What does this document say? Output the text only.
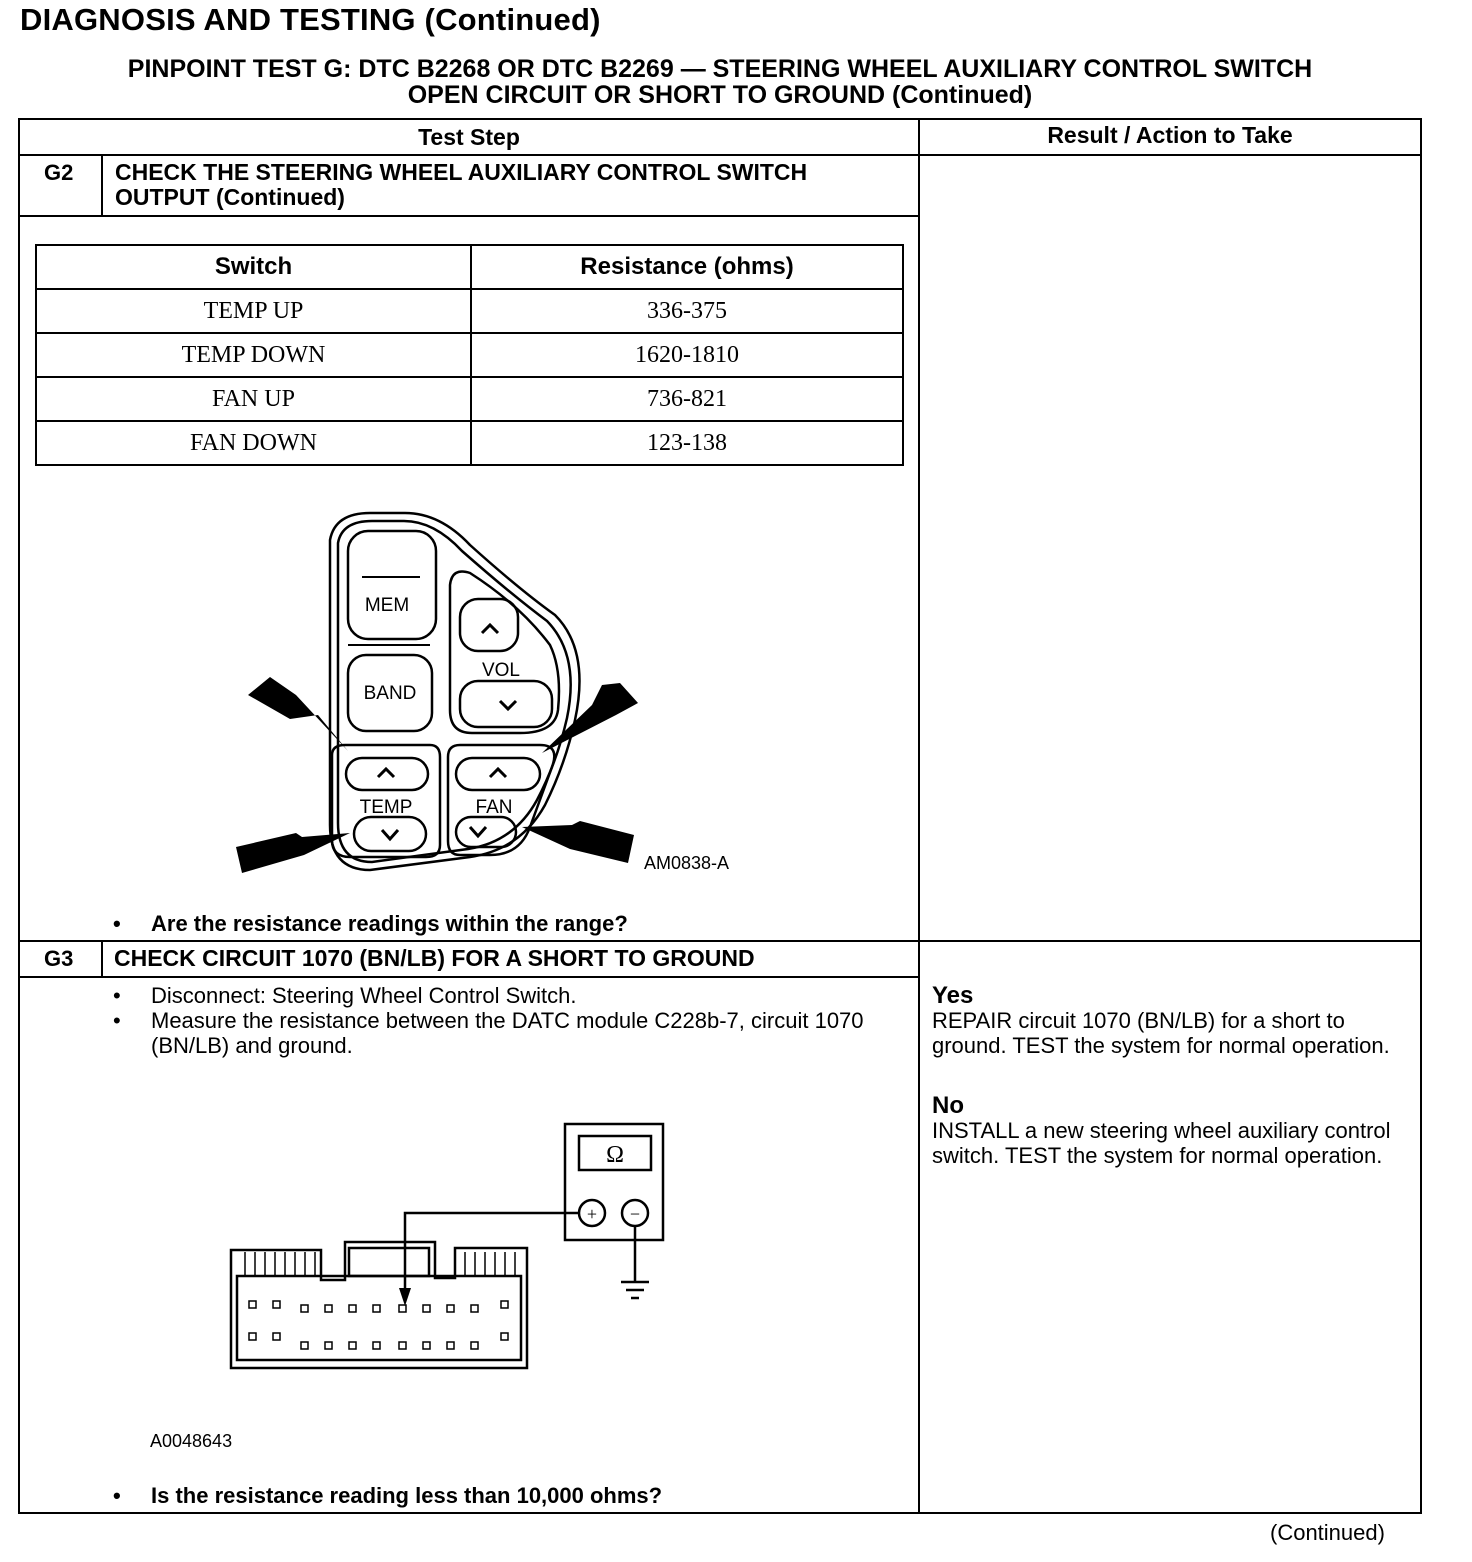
DIAGNOSIS AND TESTING (Continued)
PINPOINT TEST G: DTC B2268 OR DTC B2269 — STEERING WHEEL AUXILIARY CONTROL SWITCH
OPEN CIRCUIT OR SHORT TO GROUND (Continued)
Test Step	Result / Action to Take
G2 CHECK THE STEERING WHEEL AUXILIARY CONTROL SWITCH OUTPUT (Continued)
Switch	Resistance (ohms)
TEMP UP	336-375
TEMP DOWN	1620-1810
FAN UP	736-821
FAN DOWN	123-138
MEM
BAND
VOL
TEMP	FAN
AM0838-A
• Are the resistance readings within the range?
G3 CHECK CIRCUIT 1070 (BN/LB) FOR A SHORT TO GROUND
• Disconnect: Steering Wheel Control Switch.
• Measure the resistance between the DATC module C228b-7, circuit 1070 (BN/LB) and ground.
Ω
+ −
A0048643
• Is the resistance reading less than 10,000 ohms?
Yes
REPAIR circuit 1070 (BN/LB) for a short to ground. TEST the system for normal operation.
No
INSTALL a new steering wheel auxiliary control switch. TEST the system for normal operation.
(Continued)
